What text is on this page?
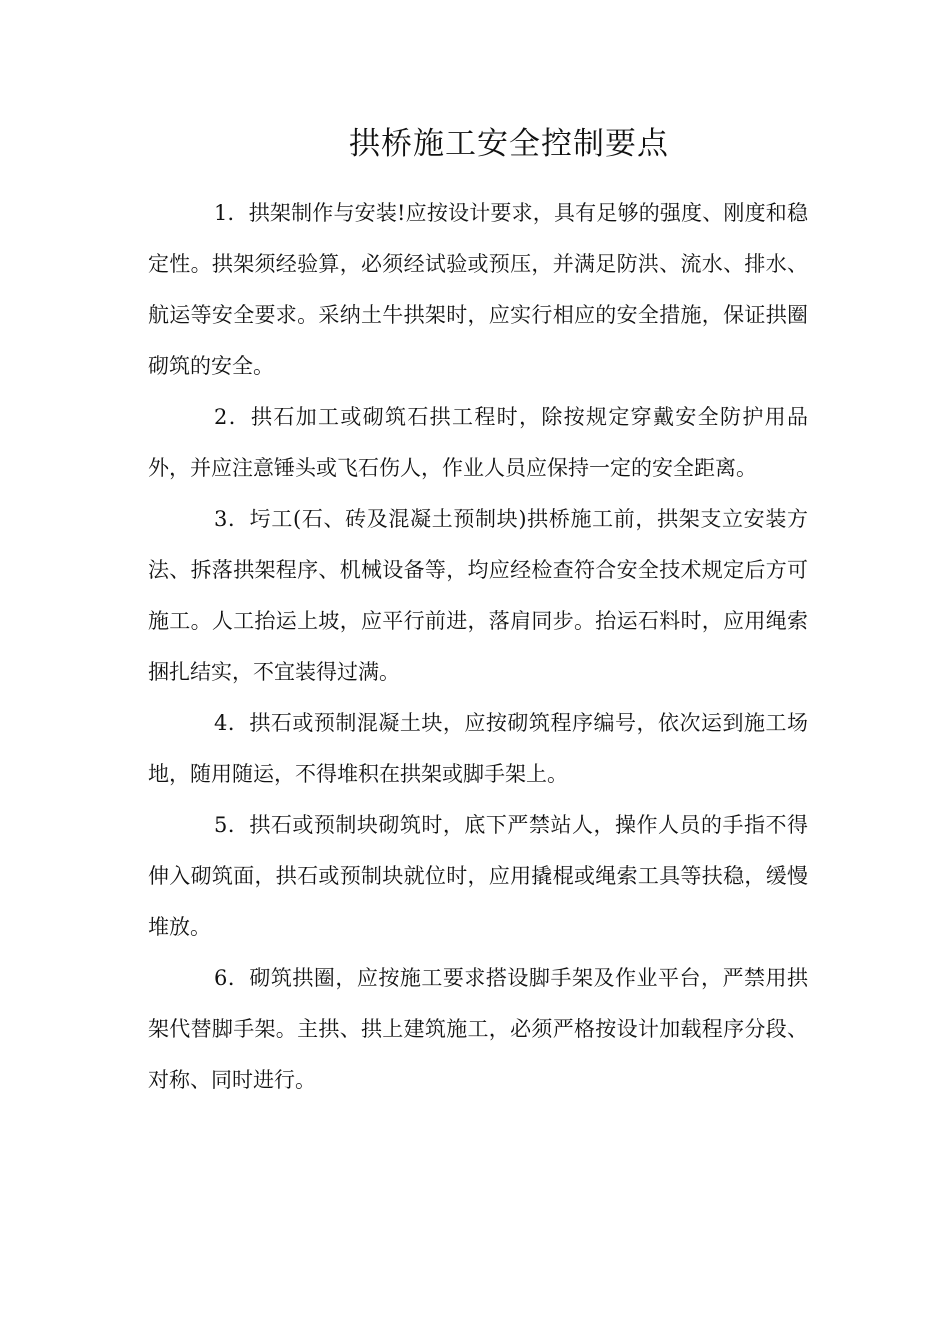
拱桥施工安全控制要点

1．拱架制作与安装!应按设计要求，具有足够的强度、刚度和稳定性。拱架须经验算，必须经试验或预压，并满足防洪、流水、排水、航运等安全要求。采纳土牛拱架时，应实行相应的安全措施，保证拱圈砌筑的安全。

2．拱石加工或砌筑石拱工程时，除按规定穿戴安全防护用品外，并应注意锤头或飞石伤人，作业人员应保持一定的安全距离。

3．圬工(石、砖及混凝土预制块)拱桥施工前，拱架支立安装方法、拆落拱架程序、机械设备等，均应经检查符合安全技术规定后方可施工。人工抬运上坡，应平行前进，落肩同步。抬运石料时，应用绳索捆扎结实，不宜装得过满。

4．拱石或预制混凝土块，应按砌筑程序编号，依次运到施工场地，随用随运，不得堆积在拱架或脚手架上。

5．拱石或预制块砌筑时，底下严禁站人，操作人员的手指不得伸入砌筑面，拱石或预制块就位时，应用撬棍或绳索工具等扶稳，缓慢堆放。

6．砌筑拱圈，应按施工要求搭设脚手架及作业平台，严禁用拱架代替脚手架。主拱、拱上建筑施工，必须严格按设计加载程序分段、对称、同时进行。
